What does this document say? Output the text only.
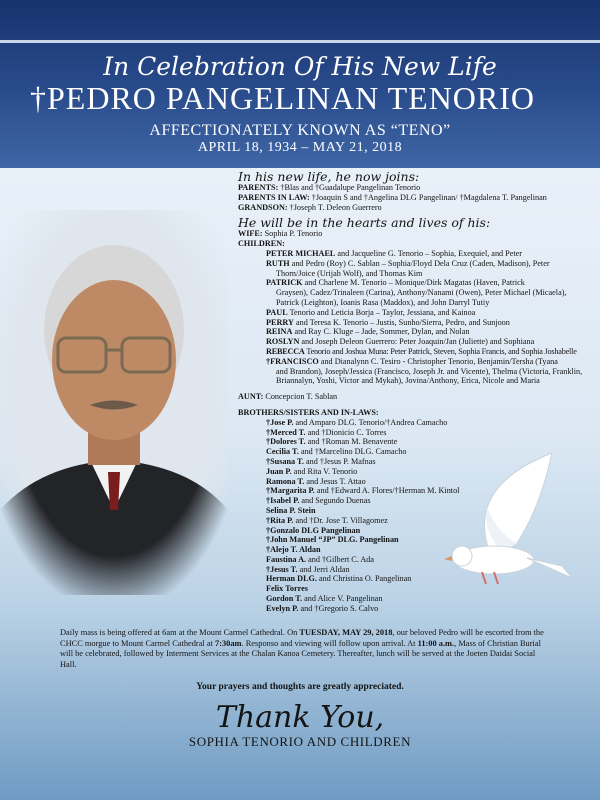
In Celebration Of His New Life
†PEDRO PANGELINAN TENORIO
AFFECTIONATELY KNOWN AS “TENO”
APRIL 18, 1934 – MAY 21, 2018

In his new life, he now joins:

PARENTS: †Blas and †Guadalupe Pangelinan Tenorio
PARENTS IN LAW: †Joaquin S and †Angelina DLG Pangelinan/ †Magdalena T. Pangelinan
GRANDSON: †Joseph T. Deleon Guerrero

He will be in the hearts and lives of his:

WIFE: Sophia P. Tenorio
CHILDREN:
PETER MICHAEL and Jacqueline G. Tenorio – Sophia, Exequiel, and Peter
RUTH and Pedro (Roy) C. Sablan – Sophia/Floyd Dela Cruz (Caden, Madison), Peter
Thorn/Joice (Urijah Wolf), and Thomas Kim
PATRICK and Charlene M. Tenorio – Monique/Dirk Magatas (Haven, Patrick
Graysen), Cadez/Trinaleen (Carina), Anthony/Nanami (Owen), Peter Michael (Micaela), Patrick (Leighton), Ioanis Rasa (Maddox), and John Darryl Tutiy
PAUL Tenorio and Leticia Borja – Taylor, Jessiana, and Kainoa
PERRY and Teresa K. Tenorio – Justis, Sunho/Sierra, Pedro, and Sunjoon
REINA and Ray C. Kluge – Jade, Sommer, Dylan, and Nolan
ROSLYN and Joseph Deleon Guerrero: Peter Joaquin/Jan (Juliette) and Sophiana
REBECCA Tenorio and Joshua Muna: Peter Patrick, Steven, Sophia Francis, and Sophia Joshabelle
†FRANCISCO and Dianalynn C. Tesiro - Christopher Tenorio, Benjamin/Tersha (Tyana
and Brandon), Joseph/Jessica (Francisco, Joseph Jr. and Vicente), Thelma (Victoria, Franklin, Briannalyn, Yoshi, Victor and Mykah), Jovina/Anthony, Erica, Nicole and Maria
AUNT: Concepcion T. Sablan
BROTHERS/SISTERS AND IN-LAWS:
†Jose P. and Amparo DLG. Tenorio/†Andrea Camacho
†Merced T. and †Dionicio C. Torres
†Dolores T. and †Roman M. Benavente
Cecilia T. and †Marcelino DLG. Camacho
†Susana T. and †Jesus P. Mafnas
Juan P. and Rita V. Tenorio
Ramona T. and Jesus T. Attao
†Margarita P. and †Edward A. Flores/†Herman M. Kintol
†Isabel P. and Segundo Duenas
Selina P. Stein
†Rita P. and †Dr. Jose T. Villagomez
†Gonzalo DLG Pangelinan
†John Manuel “JP” DLG. Pangelinan
†Alejo T. Aldan
Faustina A. and †Gilbert C. Ada
†Jesus T. and Jerri Aldan
Herman DLG. and Christina O. Pangelinan
Felix Torres
Gordon T. and Alice V. Pangelinan
Evelyn P. and †Gregorio S. Calvo
Daily mass is being offered at 6am at the Mount Carmel Cathedral. On TUESDAY, MAY 29, 2018, our beloved Pedro will be escorted from the CHCC morgue to Mount Carmel Cathedral at 7:30am. Responso and viewing will follow upon arrival. At 11:00 a.m., Mass of Christian Burial will be celebrated, followed by Interment Services at the Chalan Kanoa Cemetery. Thereafter, lunch will be served at the Joeten Daidai Social Hall.
Your prayers and thoughts are greatly appreciated.
Thank You,
SOPHIA TENORIO AND CHILDREN
